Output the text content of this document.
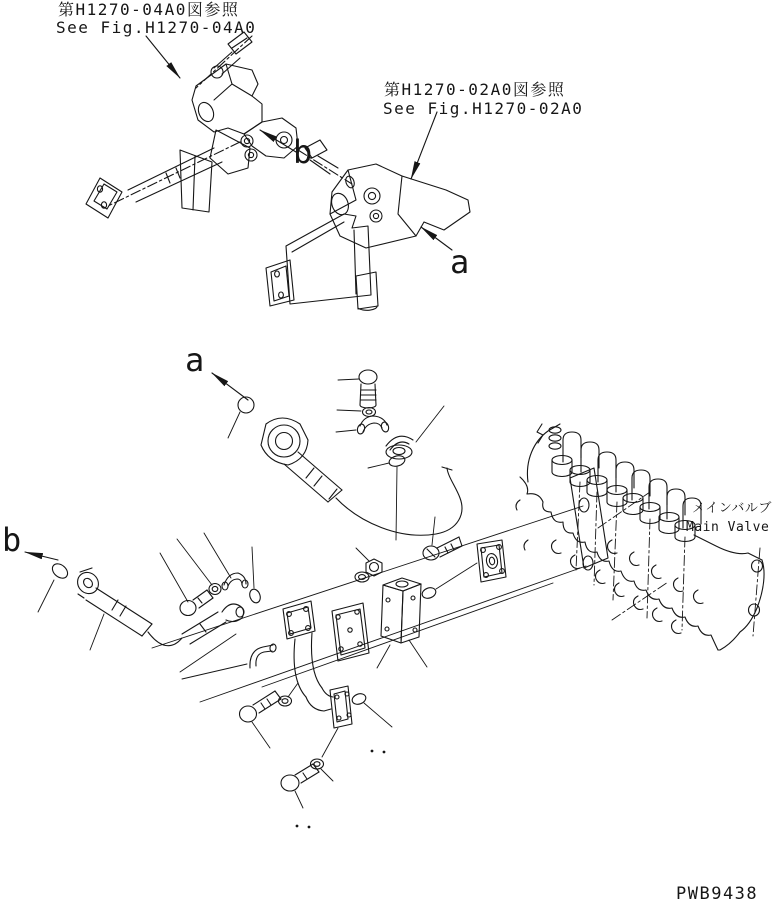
第H1270-04A0図参照
See Fig.H1270-04A0
第H1270-02A0図参照
See Fig.H1270-02A0
メインバルブ
Main Valve
b
a
a
b
PWB9438
